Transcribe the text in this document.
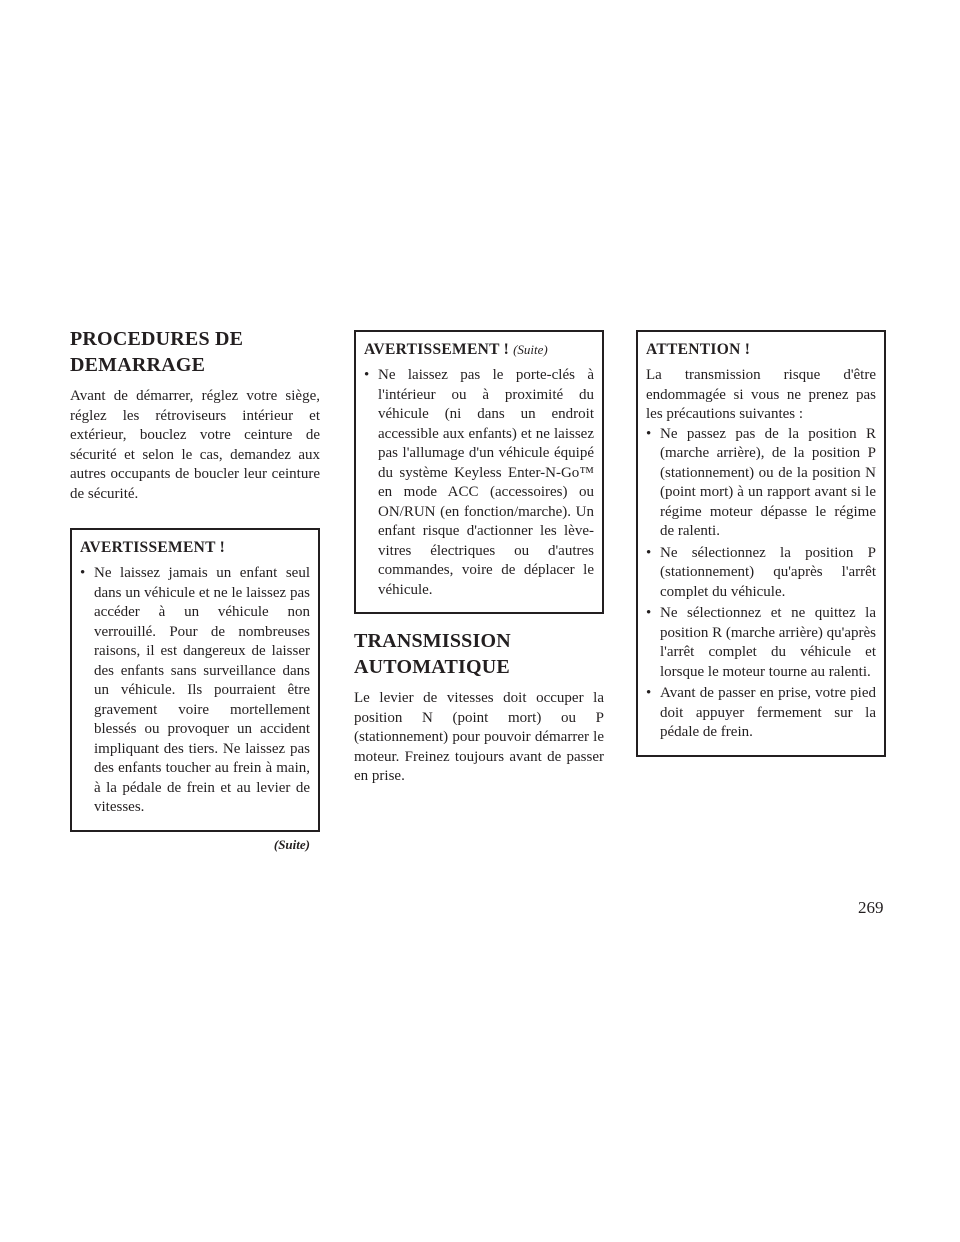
PROCEDURES DE DEMARRAGE

Avant de démarrer, réglez votre siège, réglez les rétroviseurs intérieur et extérieur, bouclez votre ceinture de sécurité et selon le cas, demandez aux autres occupants de boucler leur ceinture de sécurité.

AVERTISSEMENT !
• Ne laissez jamais un enfant seul dans un véhicule et ne le laissez pas accéder à un véhicule non verrouillé. Pour de nombreuses raisons, il est dangereux de laisser des enfants sans surveillance dans un véhicule. Ils pourraient être gravement voire mortellement blessés ou provoquer un accident impliquant des tiers. Ne laissez pas des enfants toucher au frein à main, à la pédale de frein et au levier de vitesses.
(Suite)
AVERTISSEMENT ! (Suite)
• Ne laissez pas le porte-clés à l'intérieur ou à proximité du véhicule (ni dans un endroit accessible aux enfants) et ne laissez pas l'allumage d'un véhicule équipé du système Keyless Enter-N-Go™ en mode ACC (accessoires) ou ON/RUN (en fonction/marche). Un enfant risque d'actionner les lève-vitres électriques ou d'autres commandes, voire de déplacer le véhicule.
TRANSMISSION AUTOMATIQUE

Le levier de vitesses doit occuper la position N (point mort) ou P (stationnement) pour pouvoir démarrer le moteur. Freinez toujours avant de passer en prise.

ATTENTION !

La transmission risque d'être endommagée si vous ne prenez pas les précautions suivantes :

• Ne passez pas de la position R (marche arrière), de la position P (stationnement) ou de la position N (point mort) à un rapport avant si le régime moteur dépasse le régime de ralenti.
• Ne sélectionnez la position P (stationnement) qu'après l'arrêt complet du véhicule.
• Ne sélectionnez et ne quittez la position R (marche arrière) qu'après l'arrêt complet du véhicule et lorsque le moteur tourne au ralenti.
• Avant de passer en prise, votre pied doit appuyer fermement sur la pédale de frein.
269
